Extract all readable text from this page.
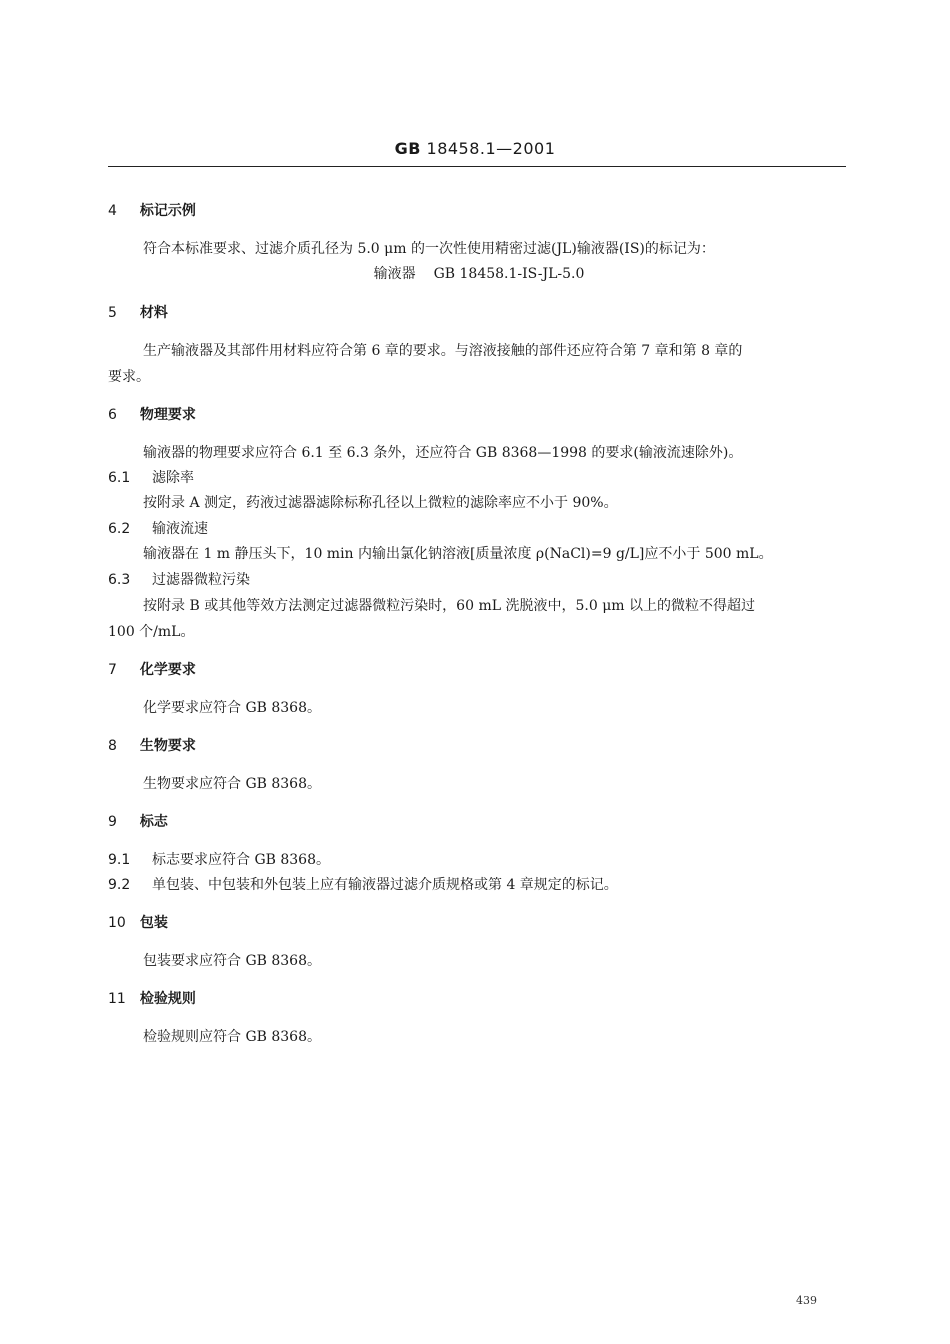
GB 18458.1—2001
4 标记示例
符合本标准要求、过滤介质孔径为 5.0 μm 的一次性使用精密过滤(JL)输液器(IS)的标记为：
输液器 GB 18458.1-IS-JL-5.0
5 材料
生产输液器及其部件用材料应符合第 6 章的要求。与溶液接触的部件还应符合第 7 章和第 8 章的
要求。
6 物理要求
输液器的物理要求应符合 6.1 至 6.3 条外，还应符合 GB 8368—1998 的要求(输液流速除外)。
6.1 滤除率
按附录 A 测定，药液过滤器滤除标称孔径以上微粒的滤除率应不小于 90%。
6.2 输液流速
输液器在 1 m 静压头下，10 min 内输出氯化钠溶液[质量浓度 ρ(NaCl)=9 g/L]应不小于 500 mL。
6.3 过滤器微粒污染
按附录 B 或其他等效方法测定过滤器微粒污染时，60 mL 洗脱液中，5.0 μm 以上的微粒不得超过
100 个/mL。
7 化学要求
化学要求应符合 GB 8368。
8 生物要求
生物要求应符合 GB 8368。
9 标志
9.1 标志要求应符合 GB 8368。
9.2 单包装、中包装和外包装上应有输液器过滤介质规格或第 4 章规定的标记。
10 包装
包装要求应符合 GB 8368。
11 检验规则
检验规则应符合 GB 8368。
439
